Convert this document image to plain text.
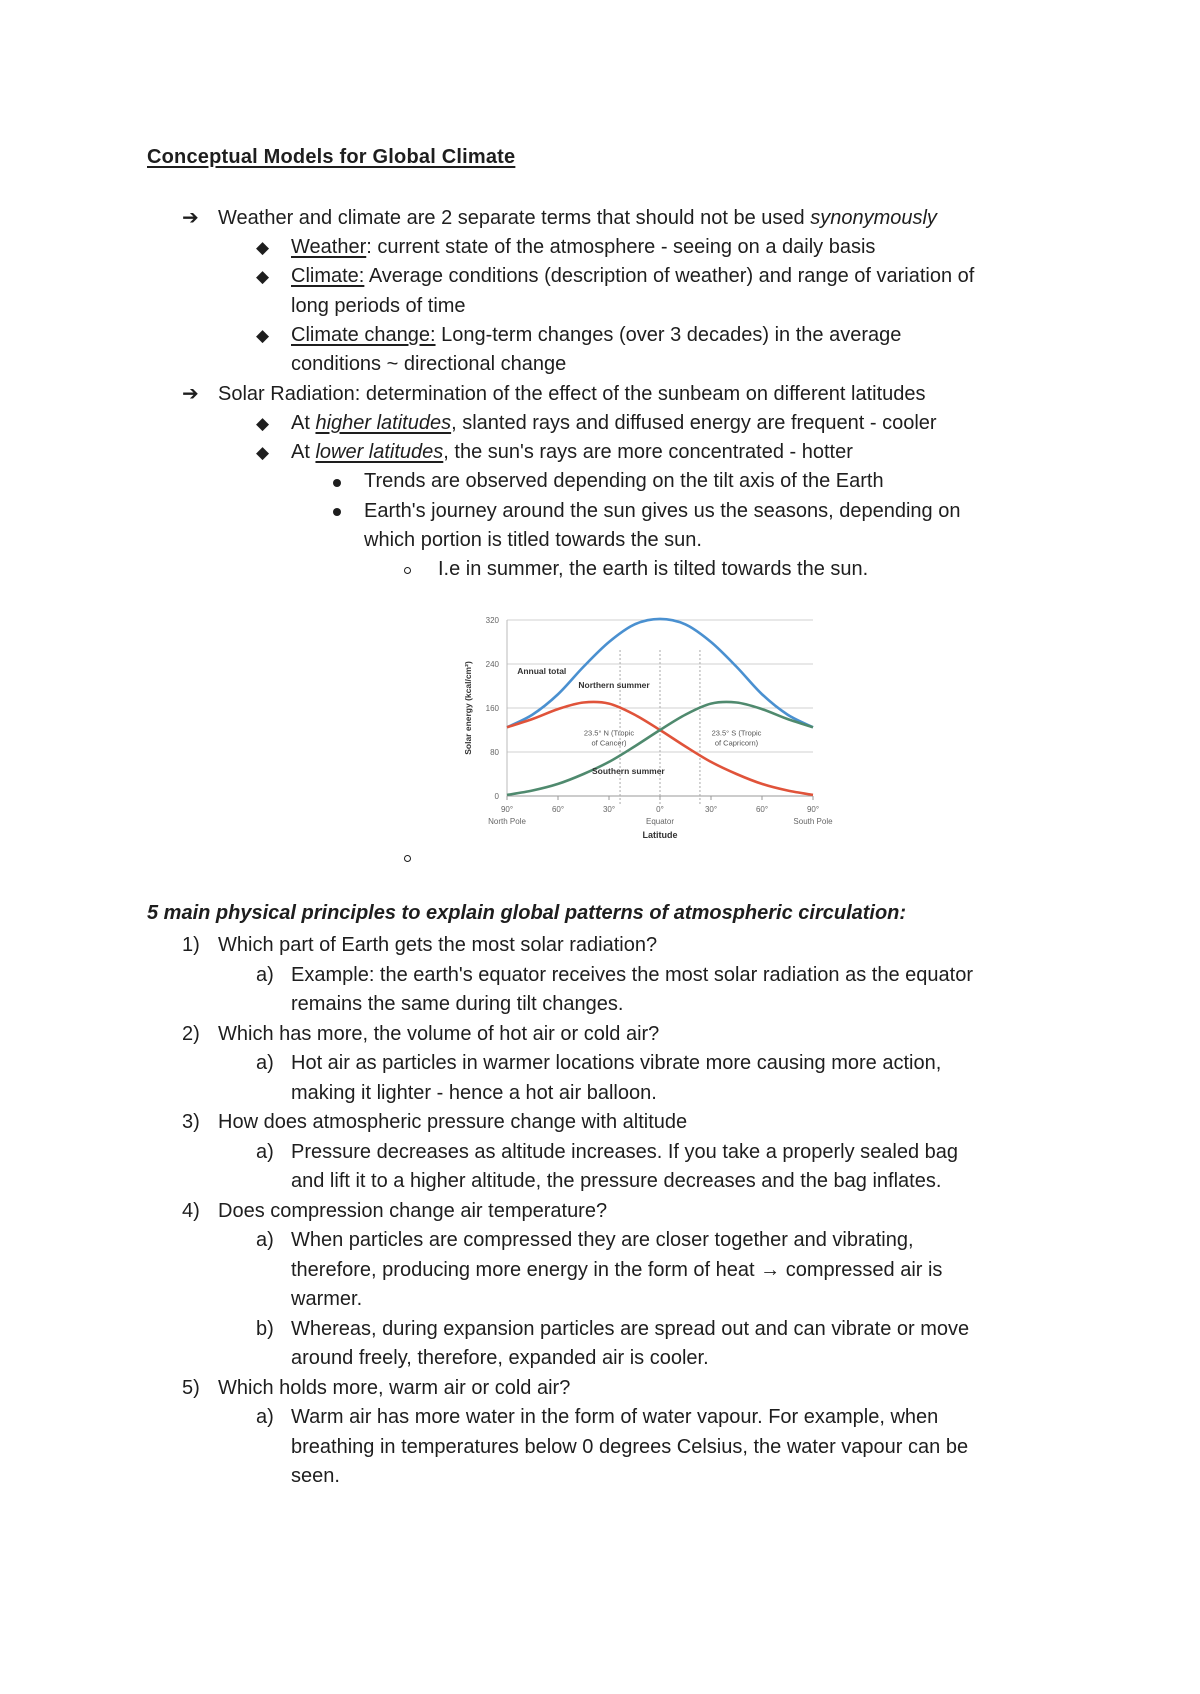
Conceptual Models for Global Climate
➔ Weather and climate are 2 separate terms that should not be used synonymously
◆ Weather: current state of the atmosphere - seeing on a daily basis
◆ Climate: Average conditions (description of weather) and range of variation of
long periods of time
◆ Climate change: Long-term changes (over 3 decades) in the average
conditions ~ directional change
➔ Solar Radiation: determination of the effect of the sunbeam on different latitudes
◆ At higher latitudes, slanted rays and diffused energy are frequent - cooler
◆ At lower latitudes, the sun's rays are more concentrated - hotter
Trends are observed depending on the tilt axis of the Earth
Earth's journey around the sun gives us the seasons, depending on
which portion is titled towards the sun.
I.e in summer, the earth is tilted towards the sun.
0
80
160
240
320
90°
North Pole
60°	30°	0°
Equator
30°	60°	90°
South Pole
Annual total
Northern summer
Southern summer
23.5° N (Tropic
of Cancer)
23.5° S (Tropic
of Capricorn)
Latitude
Solar energy (kcal/cm²)
5 main physical principles to explain global patterns of atmospheric circulation:
1) Which part of Earth gets the most solar radiation?
a) Example: the earth's equator receives the most solar radiation as the equator
remains the same during tilt changes.
2) Which has more, the volume of hot air or cold air?
a) Hot air as particles in warmer locations vibrate more causing more action,
making it lighter - hence a hot air balloon.
3) How does atmospheric pressure change with altitude
a) Pressure decreases as altitude increases. If you take a properly sealed bag
and lift it to a higher altitude, the pressure decreases and the bag inflates.
4) Does compression change air temperature?
a) When particles are compressed they are closer together and vibrating,
therefore, producing more energy in the form of heat → compressed air is
warmer.
b) Whereas, during expansion particles are spread out and can vibrate or move
around freely, therefore, expanded air is cooler.
5) Which holds more, warm air or cold air?
a) Warm air has more water in the form of water vapour. For example, when
breathing in temperatures below 0 degrees Celsius, the water vapour can be
seen.
